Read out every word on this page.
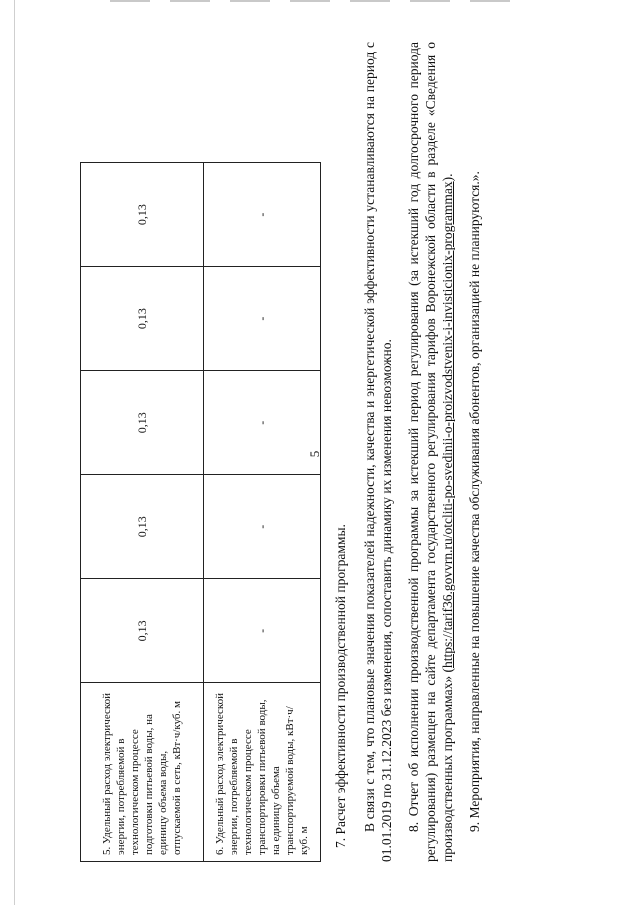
5. Удельный расход электрической энергии, потребляемой в технологическом процессе подготовки питьевой воды, на единицу объема воды, отпускаемой в сеть, кВт·ч/куб. м	0,13	0,13	0,13	0,13	0,13
6. Удельный расход электрической энергии, потребляемой в технологическом процессе транспортировки питьевой воды, на единицу объема транспортируемой воды, кВт·ч/куб. м	-	-	-	-	-

7. Расчет эффективности производственной программы. В связи с тем, что плановые значения показателей надежности, качества и энергетической эффективности устанавливаются на период с 01.01.2019 по 31.12.2023 без изменения, сопоставить динамику их изменения невозможно. 8. Отчет об исполнении производственной программы за истекший период регулирования (за истекший год долгосрочного периода регулирования) размещен на сайте департамента государственного регулирования тарифов Воронежской области в разделе «Сведения о производственных программах» (https://tarif36.govvrn.ru/otcliti-po-svedinii-o-proizvodstvenix-i-invisticionix-programmax). 9. Мероприятия, направленные на повышение качества обслуживания абонентов, организацией не планируются.».

5
